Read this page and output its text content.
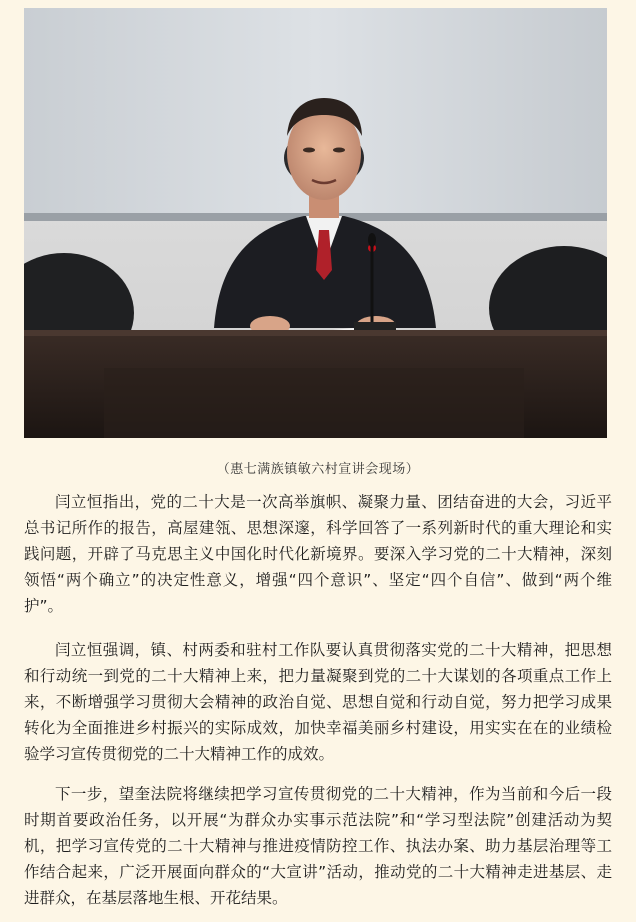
（惠七满族镇敏六村宣讲会现场）

闫立恒指出，党的二十大是一次高举旗帜、凝聚力量、团结奋进的大会，习近平总书记所作的报告，高屋建瓴、思想深邃，科学回答了一系列新时代的重大理论和实践问题，开辟了马克思主义中国化时代化新境界。要深入学习党的二十大精神，深刻领悟“两个确立”的决定性意义，增强“四个意识”、坚定“四个自信”、做到“两个维护”。

闫立恒强调，镇、村两委和驻村工作队要认真贯彻落实党的二十大精神，把思想和行动统一到党的二十大精神上来，把力量凝聚到党的二十大谋划的各项重点工作上来，不断增强学习贯彻大会精神的政治自觉、思想自觉和行动自觉，努力把学习成果转化为全面推进乡村振兴的实际成效，加快幸福美丽乡村建设，用实实在在的业绩检验学习宣传贯彻党的二十大精神工作的成效。

下一步，望奎法院将继续把学习宣传贯彻党的二十大精神，作为当前和今后一段时期首要政治任务，以开展“为群众办实事示范法院”和“学习型法院”创建活动为契机，把学习宣传党的二十大精神与推进疫情防控工作、执法办案、助力基层治理等工作结合起来，广泛开展面向群众的“大宣讲”活动，推动党的二十大精神走进基层、走进群众，在基层落地生根、开花结果。
